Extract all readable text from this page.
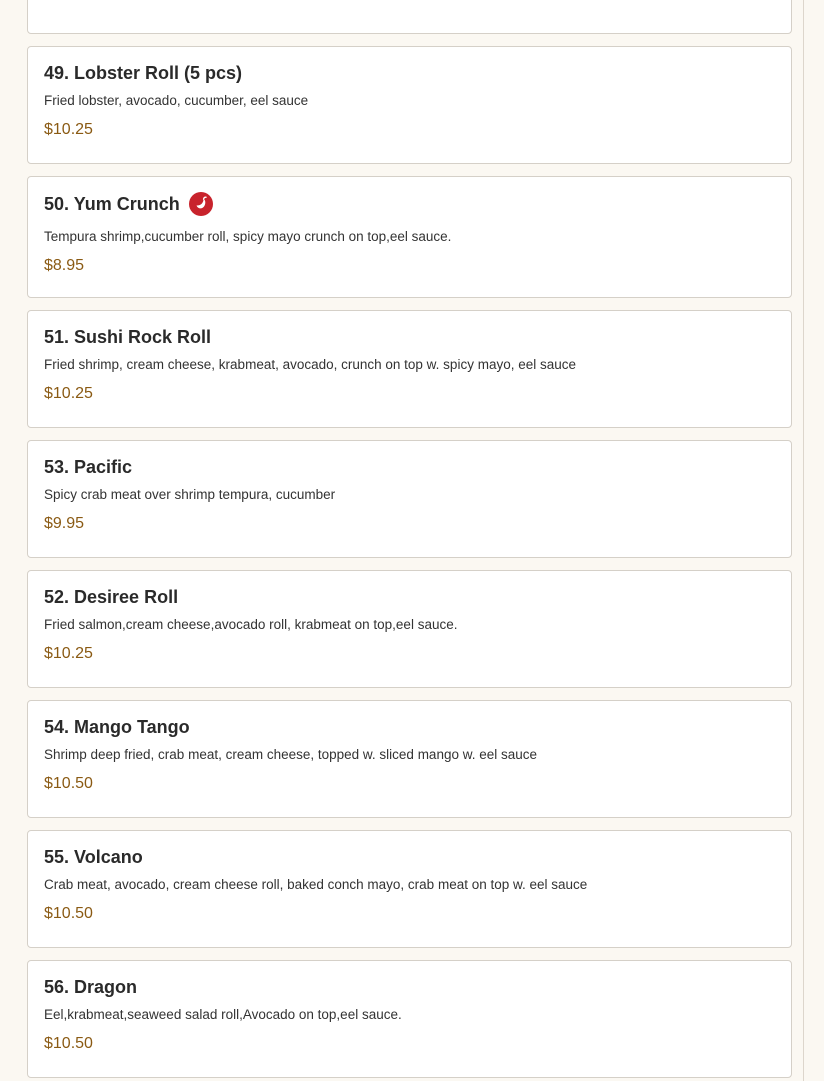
49. Lobster Roll (5 pcs)
Fried lobster, avocado, cucumber, eel sauce
$10.25
50. Yum Crunch
Tempura shrimp,cucumber roll, spicy mayo crunch on top,eel sauce.
$8.95
51. Sushi Rock Roll
Fried shrimp, cream cheese, krabmeat, avocado, crunch on top w. spicy mayo, eel sauce
$10.25
53. Pacific
Spicy crab meat over shrimp tempura, cucumber
$9.95
52. Desiree Roll
Fried salmon,cream cheese,avocado roll, krabmeat on top,eel sauce.
$10.25
54. Mango Tango
Shrimp deep fried, crab meat, cream cheese, topped w. sliced mango w. eel sauce
$10.50
55. Volcano
Crab meat, avocado, cream cheese roll, baked conch mayo, crab meat on top w. eel sauce
$10.50
56. Dragon
Eel,krabmeat,seaweed salad roll,Avocado on top,eel sauce.
$10.50
